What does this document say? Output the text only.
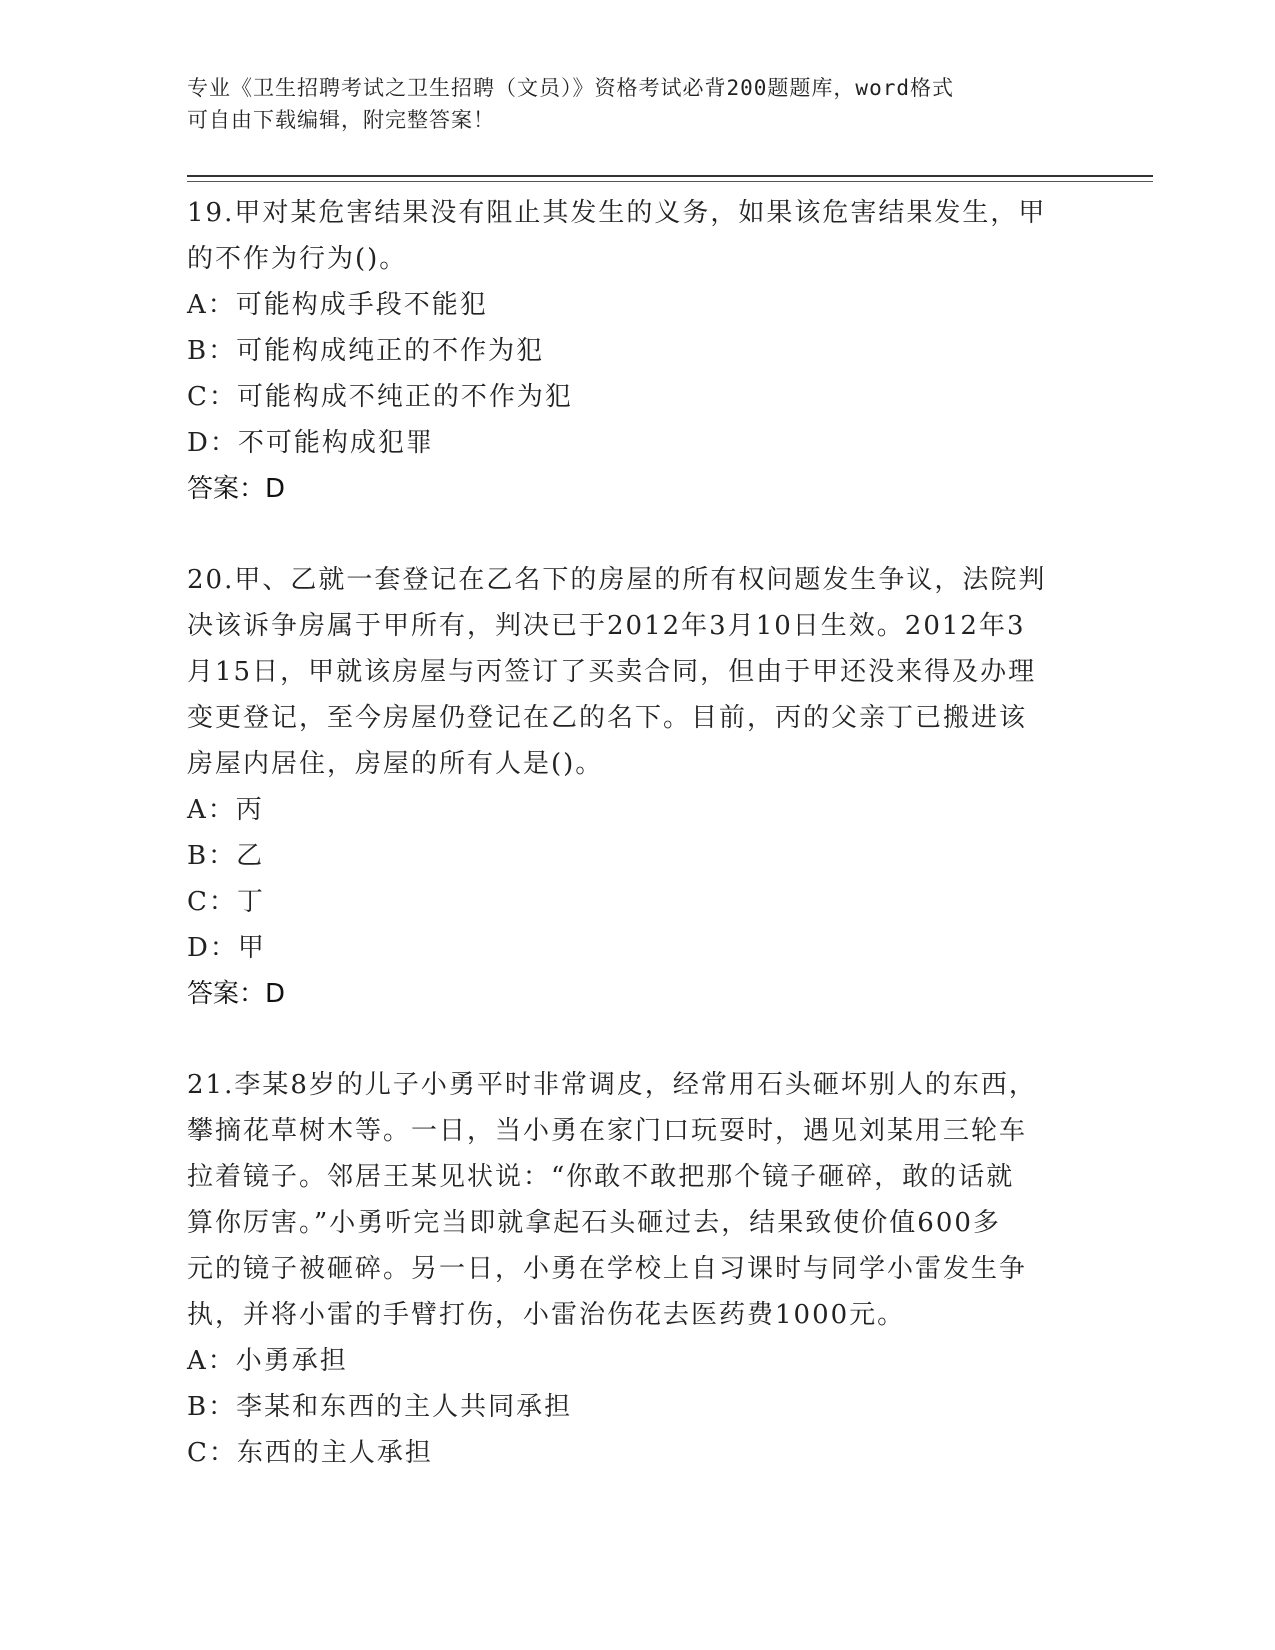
专业《卫生招聘考试之卫生招聘（文员）》资格考试必背200题题库，word格式
可自由下载编辑，附完整答案！
19.甲对某危害结果没有阻止其发生的义务，如果该危害结果发生，甲
的不作为行为()。
A：可能构成手段不能犯
B：可能构成纯正的不作为犯
C：可能构成不纯正的不作为犯
D：不可能构成犯罪
答案：D
20.甲、乙就一套登记在乙名下的房屋的所有权问题发生争议，法院判
决该诉争房属于甲所有，判决已于2012年3月10日生效。2012年3
月15日，甲就该房屋与丙签订了买卖合同，但由于甲还没来得及办理
变更登记，至今房屋仍登记在乙的名下。目前，丙的父亲丁已搬进该
房屋内居住，房屋的所有人是()。
A：丙
B：乙
C：丁
D：甲
答案：D
21.李某8岁的儿子小勇平时非常调皮，经常用石头砸坏别人的东西，
攀摘花草树木等。一日，当小勇在家门口玩耍时，遇见刘某用三轮车
拉着镜子。邻居王某见状说：“你敢不敢把那个镜子砸碎，敢的话就
算你厉害。”小勇听完当即就拿起石头砸过去，结果致使价值600多
元的镜子被砸碎。另一日，小勇在学校上自习课时与同学小雷发生争
执，并将小雷的手臂打伤，小雷治伤花去医药费1000元。
A：小勇承担
B：李某和东西的主人共同承担
C：东西的主人承担
